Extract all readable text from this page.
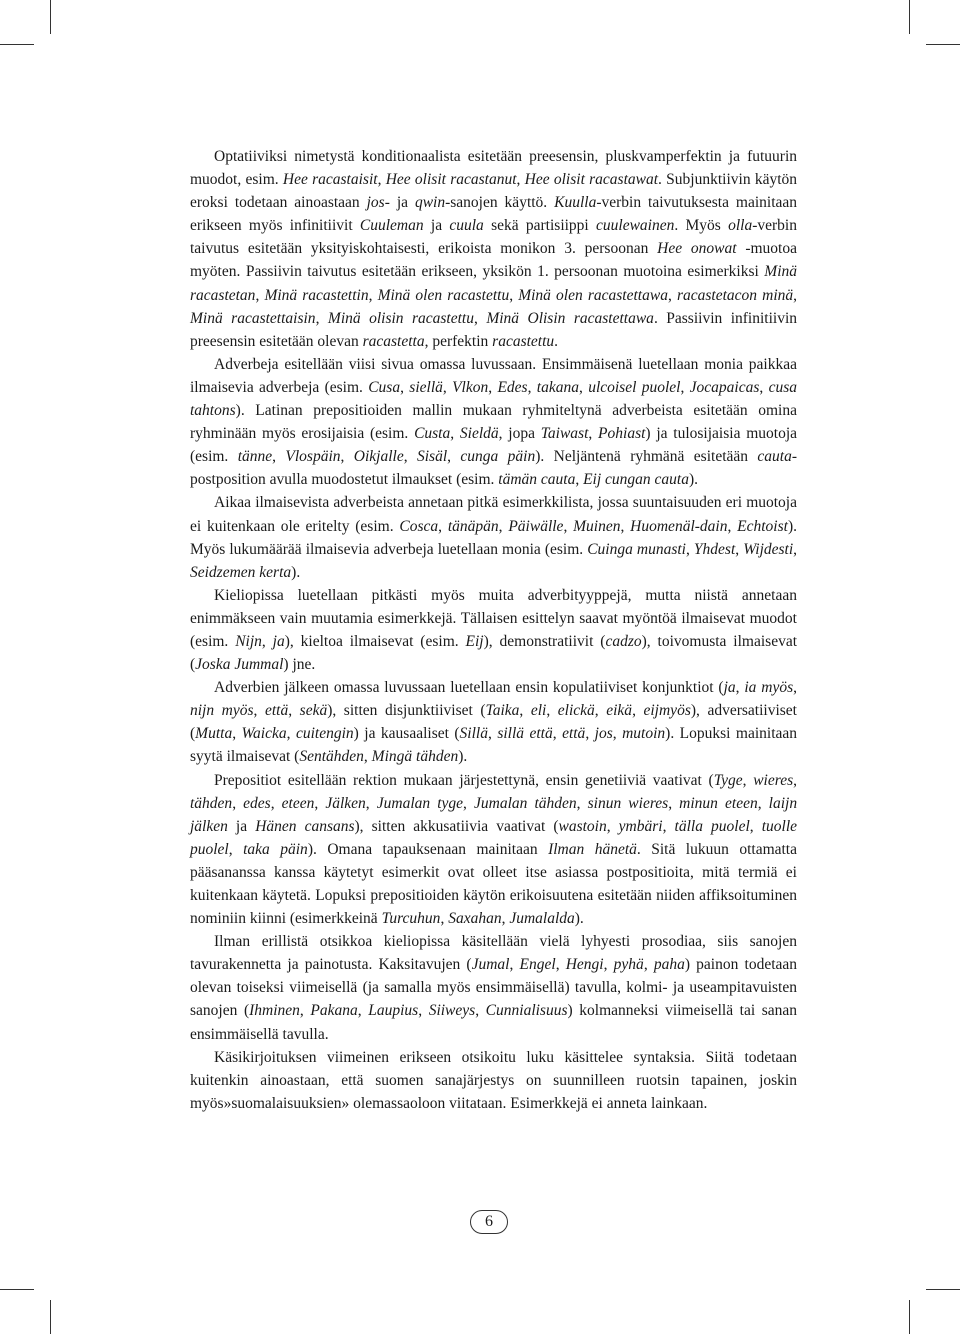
Optatiiviksi nimetystä konditionaalista esitetään preesensin, pluskvamperfektin ja futuurin muodot, esim. Hee racastaisit, Hee olisit racastanut, Hee olisit racastawat. Subjunktiivin käytön eroksi todetaan ainoastaan jos- ja qwin-sanojen käyttö. Kuulla-verbin taivutuksesta mainitaan erikseen myös infinitiivit Cuuleman ja cuula sekä partisiippi cuulewainen. Myös olla-verbin taivutus esitetään yksityiskohtaisesti, erikoista monikon 3. persoonan Hee onowat -muotoa myöten. Passiivin taivutus esitetään erikseen, yksikön 1. persoonan muotoina esimerkiksi Minä racastetan, Minä racastettin, Minä olen racastettu, Minä olen racastettawa, racastetacon minä, Minä racastettaisin, Minä olisin racastettu, Minä Olisin racastettawa. Passiivin infinitiivin preesensin esitetään olevan racastetta, perfektin racastettu.

Adverbeja esitellään viisi sivua omassa luvussaan. Ensimmäisenä luetellaan monia paikkaa ilmaisevia adverbeja (esim. Cusa, siellä, Vlkon, Edes, takana, ulcoisel puolel, Jocapaicas, cusa tahtons). Latinan prepositioiden mallin mukaan ryhmiteltynä adverbeista esitetään omina ryhminään myös erosijaisia (esim. Custa, Sieldä, jopa Taiwast, Pohiast) ja tulosijaisia muotoja (esim. tänne, Vlospäin, Oikjalle, Sisäl, cunga päin). Neljäntenä ryhmänä esitetään cauta-postposition avulla muodostetut ilmaukset (esim. tämän cauta, Eij cungan cauta).

Aikaa ilmaisevista adverbeista annetaan pitkä esimerkkilista, jossa suuntaisuuden eri muotoja ei kuitenkaan ole eritelty (esim. Cosca, tänäpän, Päiwälle, Muinen, Huomenäl-dain, Echtoist). Myös lukumäärää ilmaisevia adverbeja luetellaan monia (esim. Cuinga munasti, Yhdest, Wijdesti, Seidzemen kerta).

Kieliopissa luetellaan pitkästi myös muita adverbityyppejä, mutta niistä annetaan enimmäkseen vain muutamia esimerkkejä. Tällaisen esittelyn saavat myöntöä ilmaisevat muodot (esim. Nijn, ja), kieltoa ilmaisevat (esim. Eij), demonstratiivit (cadzo), toivomusta ilmaisevat (Joska Jummal) jne.

Adverbien jälkeen omassa luvussaan luetellaan ensin kopulatiiviset konjunktiot (ja, ia myös, nijn myös, että, sekä), sitten disjunktiiviset (Taika, eli, elickä, eikä, eijmyös), adversatiiviset (Mutta, Waicka, cuitengin) ja kausaaliset (Sillä, sillä että, että, jos, mutoin). Lopuksi mainitaan syytä ilmaisevat (Sentähden, Mingä tähden).

Prepositiot esitellään rektion mukaan järjestettynä, ensin genetiiviä vaativat (Tyge, wieres, tähden, edes, eteen, Jälken, Jumalan tyge, Jumalan tähden, sinun wieres, minun eteen, laijn jälken ja Hänen cansans), sitten akkusatiivia vaativat (wastoin, ymbäri, tälla puolel, tuolle puolel, taka päin). Omana tapauksenaan mainitaan Ilman hänetä. Sitä lukuun ottamatta pääsananssa kanssa käytetyt esimerkit ovat olleet itse asiassa postpositioita, mitä termiä ei kuitenkaan käytetä. Lopuksi prepositioiden käytön erikoisuutena esitetään niiden affiksoituminen nominiin kiinni (esimerkkeinä Turcuhun, Saxahan, Jumalalda).

Ilman erillistä otsikkoa kieliopissa käsitellään vielä lyhyesti prosodiaa, siis sanojen tavurakennetta ja painotusta. Kaksitavujen (Jumal, Engel, Hengi, pyhä, paha) painon todetaan olevan toiseksi viimeisellä (ja samalla myös ensimmäisellä) tavulla, kolmi- ja useampitavuisten sanojen (Ihminen, Pakana, Laupius, Siiweys, Cunnialisuus) kolmanneksi viimeisellä tai sanan ensimmäisellä tavulla.

Käsikirjoituksen viimeinen erikseen otsikoitu luku käsittelee syntaksia. Siitä todetaan kuitenkin ainoastaan, että suomen sanajärjestys on suunnilleen ruotsin tapainen, joskin myös»suomalaisuuksien» olemassaoloon viitataan. Esimerkkejä ei anneta lainkaan.

6
